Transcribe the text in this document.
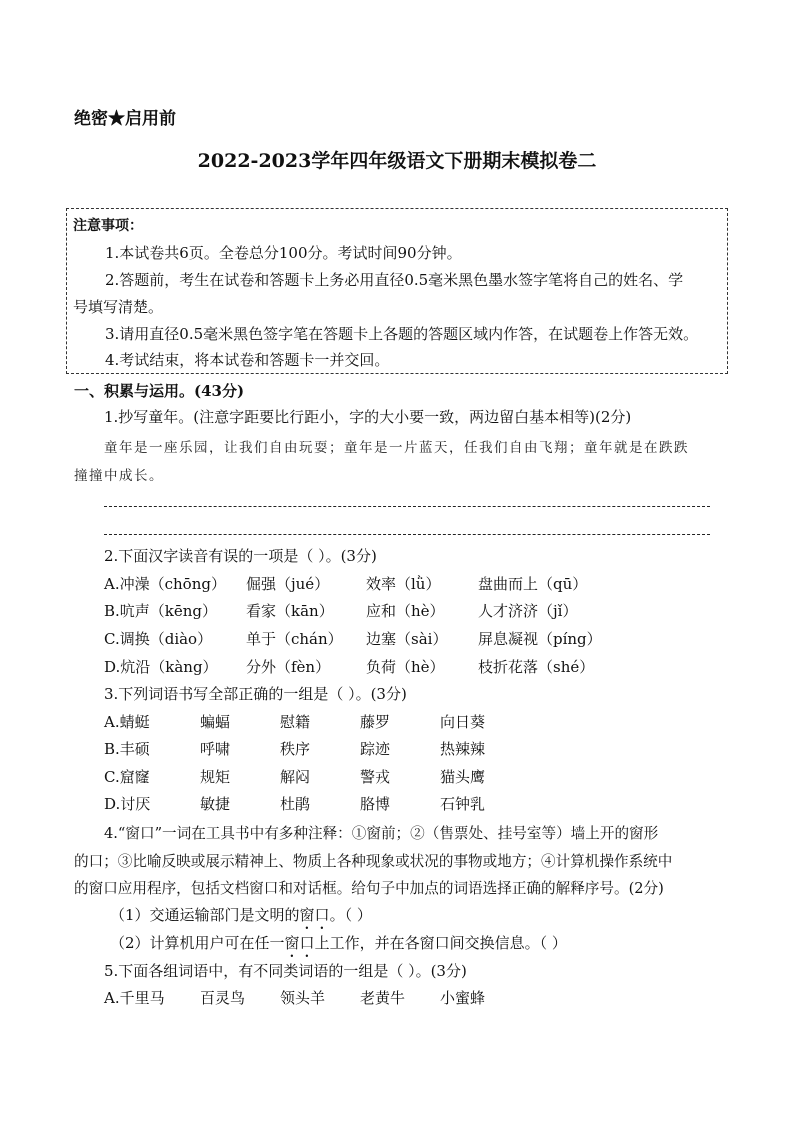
绝密★启用前
2022-2023学年四年级语文下册期末模拟卷二
注意事项：
1.本试卷共6页。全卷总分100分。考试时间90分钟。
2.答题前，考生在试卷和答题卡上务必用直径0.5毫米黑色墨水签字笔将自己的姓名、学
号填写清楚。
3.请用直径0.5毫米黑色签字笔在答题卡上各题的答题区域内作答，在试题卷上作答无效。
4.考试结束，将本试卷和答题卡一并交回。
一、积累与运用。(43分)
1.抄写童年。(注意字距要比行距小，字的大小要一致，两边留白基本相等)(2分)
童年是一座乐园，让我们自由玩耍；童年是一片蓝天，任我们自由飞翔；童年就是在跌跌
撞撞中成长。
2.下面汉字读音有误的一项是（ ）。(3分)
A.冲澡（chōng） 倔强（jué） 效率（lǜ）	盘曲而上（qū）
B.吭声（kēng） 看家（kān） 应和（hè） 人才济济（jǐ）
C.调换（diào） 单于（chán） 边塞（sài） 屏息凝视（píng）
D.炕沿（kàng） 分外（fèn） 负荷（hè） 枝折花落（shé）
3.下列词语书写全部正确的一组是（ ）。(3分)
A.蜻蜓	蝙蝠	慰籍	藤罗	向日葵
B.丰硕	呼啸	秩序	踪迹	热辣辣
C.窟窿	规矩	解闷	警戎	猫头鹰
D.讨厌	敏捷	杜鹃	胳博	石钟乳
4.“窗口”一词在工具书中有多种注释：①窗前；②（售票处、挂号室等）墙上开的窗形
的口；③比喻反映或展示精神上、物质上各种现象或状况的事物或地方；④计算机操作系统中
的窗口应用程序，包括文档窗口和对话框。给句子中加点的词语选择正确的解释序号。(2分)
（1）交通运输部门是文明的窗口。（ ）
（2）计算机用户可在任一窗口上工作，并在各窗口间交换信息。（ ）
5.下面各组词语中，有不同类词语的一组是（ ）。(3分)
A.千里马 百灵鸟 领头羊 老黄牛 小蜜蜂
